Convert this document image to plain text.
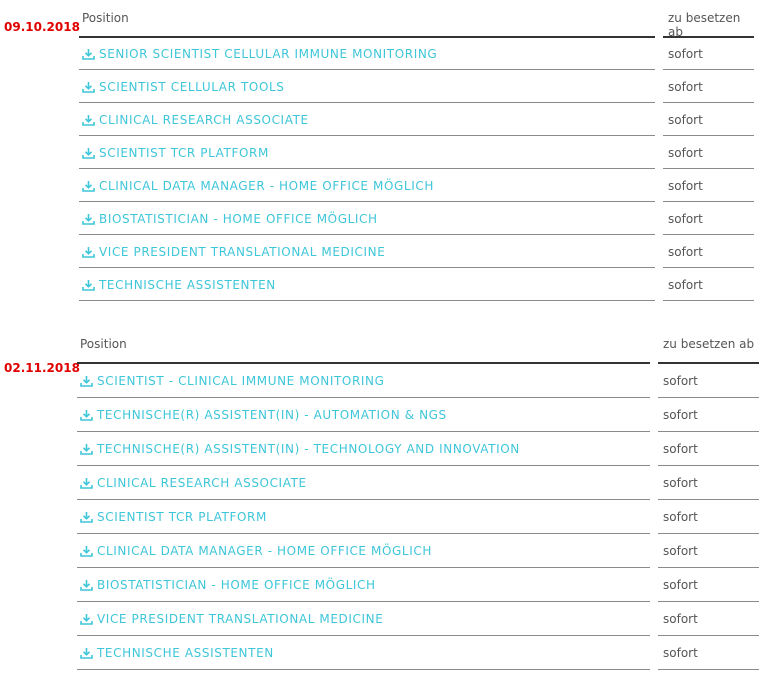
09.10.2018
Position	zu besetzen ab
SENIOR SCIENTIST CELLULAR IMMUNE MONITORING	sofort
SCIENTIST CELLULAR TOOLS	sofort
CLINICAL RESEARCH ASSOCIATE	sofort
SCIENTIST TCR PLATFORM	sofort
CLINICAL DATA MANAGER - HOME OFFICE MÖGLICH	sofort
BIOSTATISTICIAN - HOME OFFICE MÖGLICH	sofort
VICE PRESIDENT TRANSLATIONAL MEDICINE	sofort
TECHNISCHE ASSISTENTEN	sofort
02.11.2018
Position	zu besetzen ab
SCIENTIST - CLINICAL IMMUNE MONITORING	sofort
TECHNISCHE(R) ASSISTENT(IN) - AUTOMATION & NGS	sofort
TECHNISCHE(R) ASSISTENT(IN) - TECHNOLOGY AND INNOVATION	sofort
CLINICAL RESEARCH ASSOCIATE	sofort
SCIENTIST TCR PLATFORM	sofort
CLINICAL DATA MANAGER - HOME OFFICE MÖGLICH	sofort
BIOSTATISTICIAN - HOME OFFICE MÖGLICH	sofort
VICE PRESIDENT TRANSLATIONAL MEDICINE	sofort
TECHNISCHE ASSISTENTEN	sofort
